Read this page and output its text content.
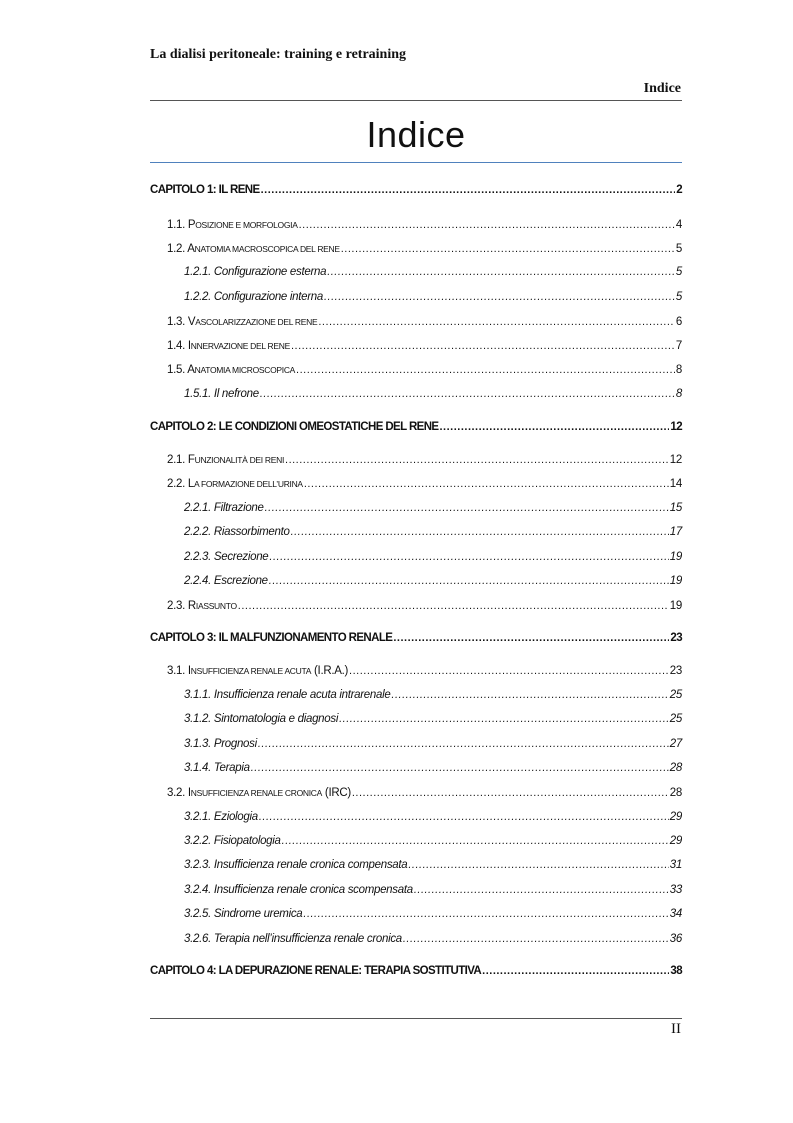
La dialisi peritoneale: training e retraining
Indice
Indice
CAPITOLO 1: IL RENE .....	2
1.1. POSIZIONE E MORFOLOGIA .....	4
1.2. ANATOMIA MACROSCOPICA DEL RENE .....	5
1.2.1. Configurazione esterna .....	5
1.2.2. Configurazione interna .....	5
1.3. VASCOLARIZZAZIONE DEL RENE .....	6
1.4. INNERVAZIONE DEL RENE .....	7
1.5. ANATOMIA MICROSCOPICA .....	8
1.5.1. Il nefrone .....	8
CAPITOLO 2: LE CONDIZIONI OMEOSTATICHE DEL RENE .....	12
2.1. FUNZIONALITÀ DEI RENI .....	12
2.2. LA FORMAZIONE DELL’URINA .....	14
2.2.1. Filtrazione .....	15
2.2.2. Riassorbimento .....	17
2.2.3. Secrezione .....	19
2.2.4. Escrezione .....	19
2.3. RIASSUNTO .....	19
CAPITOLO 3: IL MALFUNZIONAMENTO RENALE .....	23
3.1. INSUFFICIENZA RENALE ACUTA (I.R.A.) .....	23
3.1.1. Insufficienza renale acuta intrarenale .....	25
3.1.2. Sintomatologia e diagnosi .....	25
3.1.3. Prognosi .....	27
3.1.4. Terapia .....	28
3.2. INSUFFICIENZA RENALE CRONICA (IRC) .....	28
3.2.1. Eziologia .....	29
3.2.2. Fisiopatologia .....	29
3.2.3. Insufficienza renale cronica compensata .....	31
3.2.4. Insufficienza renale cronica scompensata .....	33
3.2.5. Sindrome uremica .....	34
3.2.6. Terapia nell’insufficienza renale cronica .....	36
CAPITOLO 4: LA DEPURAZIONE RENALE: TERAPIA SOSTITUTIVA .....	38
II
